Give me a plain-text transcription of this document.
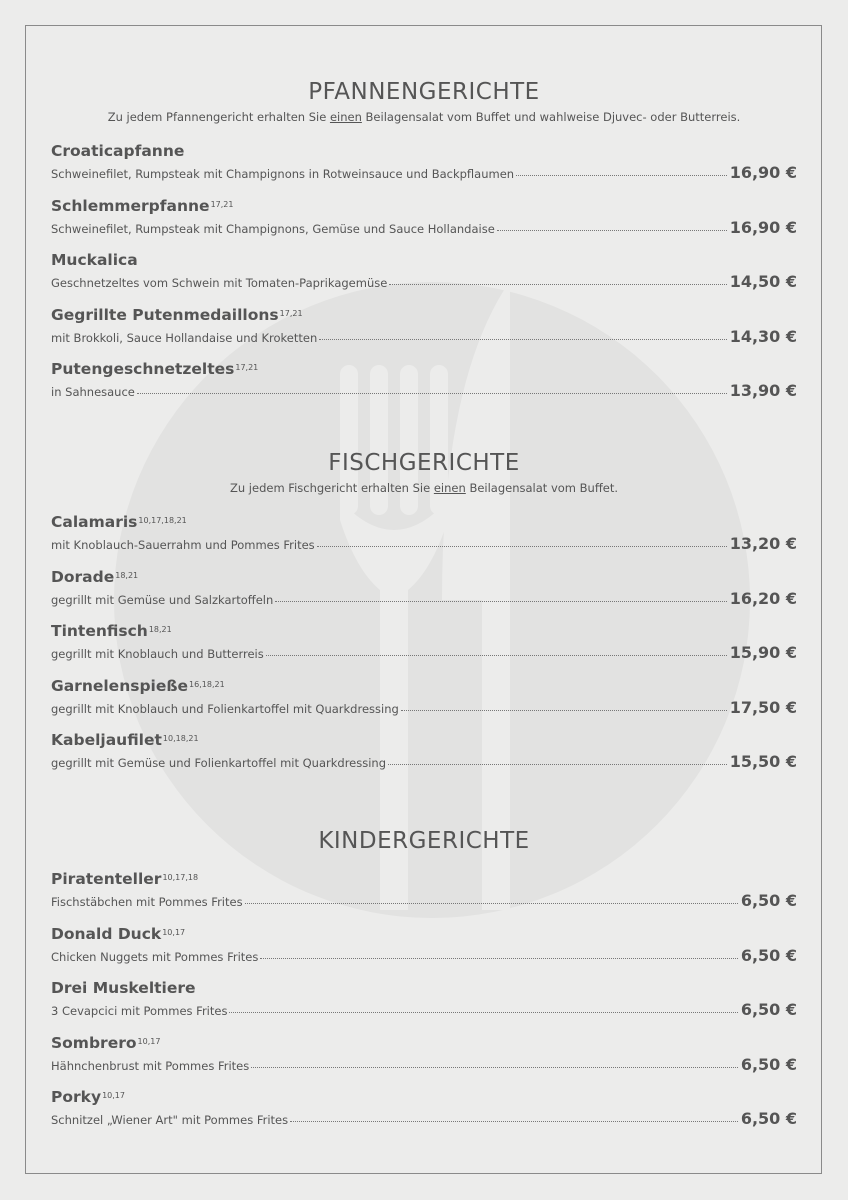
PFANNENGERICHTE

Zu jedem Pfannengericht erhalten Sie einen Beilagensalat vom Buffet und wahlweise Djuvec- oder Butterreis.

Croaticapfanne
Schweinefilet, Rumpsteak mit Champignons in Rotweinsauce und Backpflaumen	16,90 €
Schlemmerpfanne$^{17,21}$
Schweinefilet, Rumpsteak mit Champignons, Gemüse und Sauce Hollandaise	16,90 €
Muckalica
Geschnetzeltes vom Schwein mit Tomaten-Paprikagemüse	14,50 €
Gegrillte Putenmedaillons$^{17,21}$
mit Brokkoli, Sauce Hollandaise und Kroketten	14,30 €
Putengeschnetzeltes$^{17,21}$
in Sahnesauce	13,90 €
FISCHGERICHTE

Zu jedem Fischgericht erhalten Sie einen Beilagensalat vom Buffet.

Calamaris$^{10,17,18,21}$
mit Knoblauch-Sauerrahm und Pommes Frites	13,20 €
Dorade$^{18,21}$
gegrillt mit Gemüse und Salzkartoffeln	16,20 €
Tintenfisch$^{18,21}$
gegrillt mit Knoblauch und Butterreis	15,90 €
Garnelenspieße$^{16,18,21}$
gegrillt mit Knoblauch und Folienkartoffel mit Quarkdressing	17,50 €
Kabeljaufilet$^{10,18,21}$
gegrillt mit Gemüse und Folienkartoffel mit Quarkdressing	15,50 €
KINDERGERICHTE
Piratenteller$^{10,17,18}$
Fischstäbchen mit Pommes Frites	6,50 €
Donald Duck$^{10,17}$
Chicken Nuggets mit Pommes Frites	6,50 €
Drei Muskeltiere
3 Cevapcici mit Pommes Frites	6,50 €
Sombrero$^{10,17}$
Hähnchenbrust mit Pommes Frites	6,50 €
Porky$^{10,17}$
Schnitzel „Wiener Art" mit Pommes Frites	6,50 €
